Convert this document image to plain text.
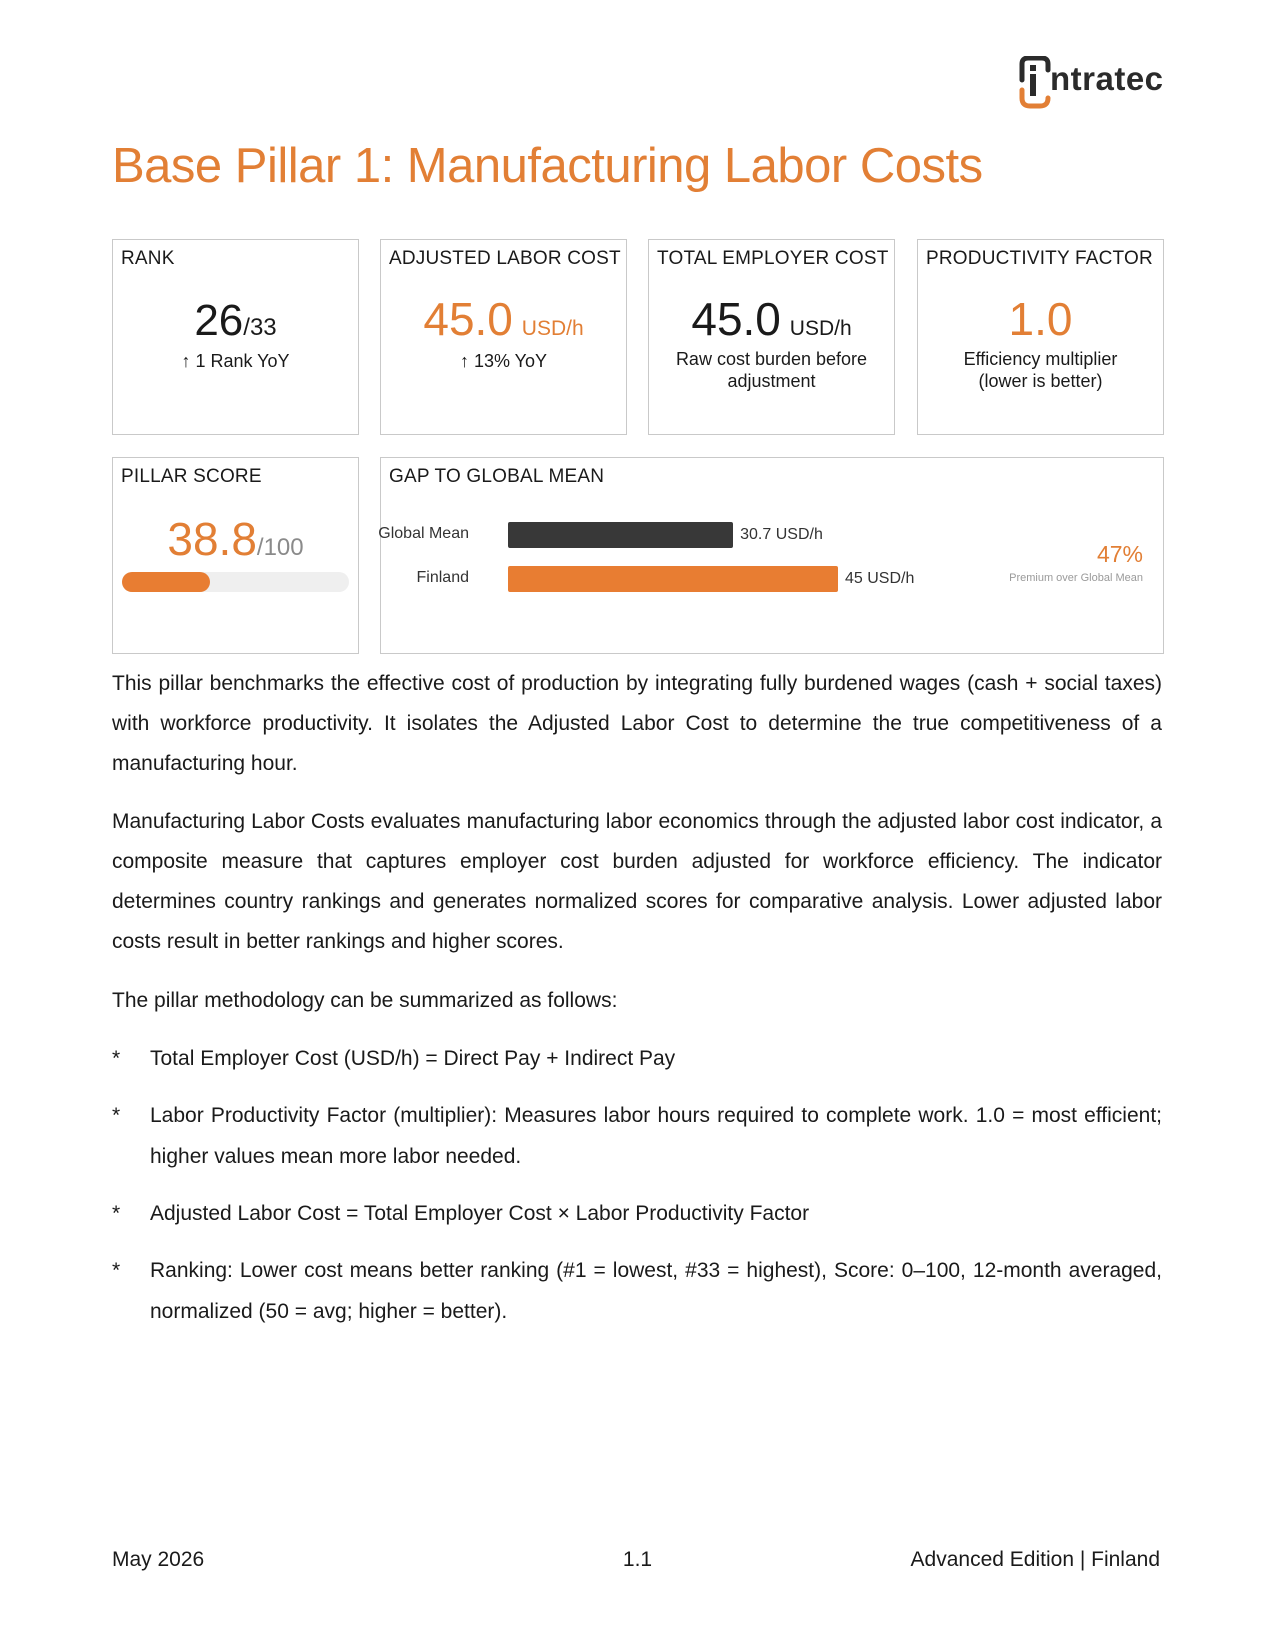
ntratec
Base Pillar 1: Manufacturing Labor Costs
RANK
26/33
↑ 1 Rank YoY
ADJUSTED LABOR COST
45.0 USD/h
↑ 13% YoY
TOTAL EMPLOYER COST
45.0 USD/h
Raw cost burden before
adjustment
PRODUCTIVITY FACTOR
1.0
Efficiency multiplier
(lower is better)
PILLAR SCORE
38.8/100
GAP TO GLOBAL MEAN
Global Mean	30.7 USD/h
Finland	45 USD/h
47%
Premium over Global Mean

This pillar benchmarks the effective cost of production by integrating fully burdened wages (cash + social taxes) with workforce productivity. It isolates the Adjusted Labor Cost to determine the true competitiveness of a manufacturing hour.

Manufacturing Labor Costs evaluates manufacturing labor economics through the adjusted labor cost indicator, a composite measure that captures employer cost burden adjusted for workforce efficiency. The indicator determines country rankings and generates normalized scores for comparative analysis. Lower adjusted labor costs result in better rankings and higher scores.

The pillar methodology can be summarized as follows:

* Total Employer Cost (USD/h) = Direct Pay + Indirect Pay
* Labor Productivity Factor (multiplier): Measures labor hours required to complete work. 1.0 = most efficient; higher values mean more labor needed.
* Adjusted Labor Cost = Total Employer Cost × Labor Productivity Factor
* Ranking: Lower cost means better ranking (#1 = lowest, #33 = highest), Score: 0–100, 12-month averaged, normalized (50 = avg; higher = better).
May 2026	1.1	Advanced Edition | Finland
